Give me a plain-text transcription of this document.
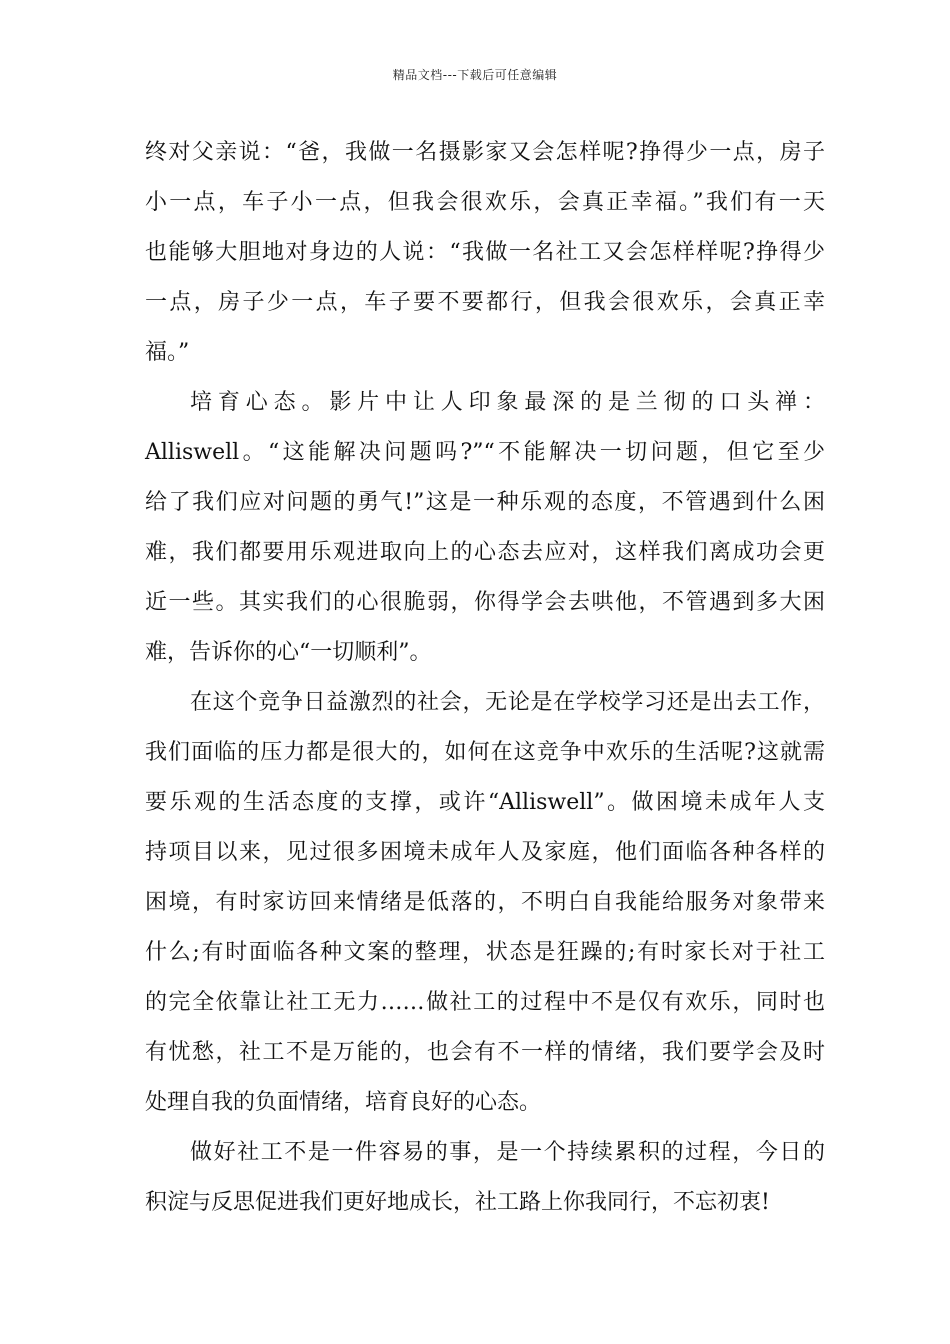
精品文档---下载后可任意编辑
终对父亲说：“爸，我做一名摄影家又会怎样呢?挣得少一点，房子
小一点，车子小一点，但我会很欢乐，会真正幸福。”我们有一天
也能够大胆地对身边的人说：“我做一名社工又会怎样样呢?挣得少
一点，房子少一点，车子要不要都行，但我会很欢乐，会真正幸
福。”
培育心态。影片中让人印象最深的是兰彻的口头禅：
Alliswell。“这能解决问题吗?”“不能解决一切问题，但它至少
给了我们应对问题的勇气!”这是一种乐观的态度，不管遇到什么困
难，我们都要用乐观进取向上的心态去应对，这样我们离成功会更
近一些。其实我们的心很脆弱，你得学会去哄他，不管遇到多大困
难，告诉你的心“一切顺利”。
在这个竞争日益激烈的社会，无论是在学校学习还是出去工作，
我们面临的压力都是很大的，如何在这竞争中欢乐的生活呢?这就需
要乐观的生活态度的支撑，或许“Alliswell”。做困境未成年人支
持项目以来，见过很多困境未成年人及家庭，他们面临各种各样的
困境，有时家访回来情绪是低落的，不明白自我能给服务对象带来
什么;有时面临各种文案的整理，状态是狂躁的;有时家长对于社工
的完全依靠让社工无力……做社工的过程中不是仅有欢乐，同时也
有忧愁，社工不是万能的，也会有不一样的情绪，我们要学会及时
处理自我的负面情绪，培育良好的心态。
做好社工不是一件容易的事，是一个持续累积的过程，今日的
积淀与反思促进我们更好地成长，社工路上你我同行，不忘初衷!
